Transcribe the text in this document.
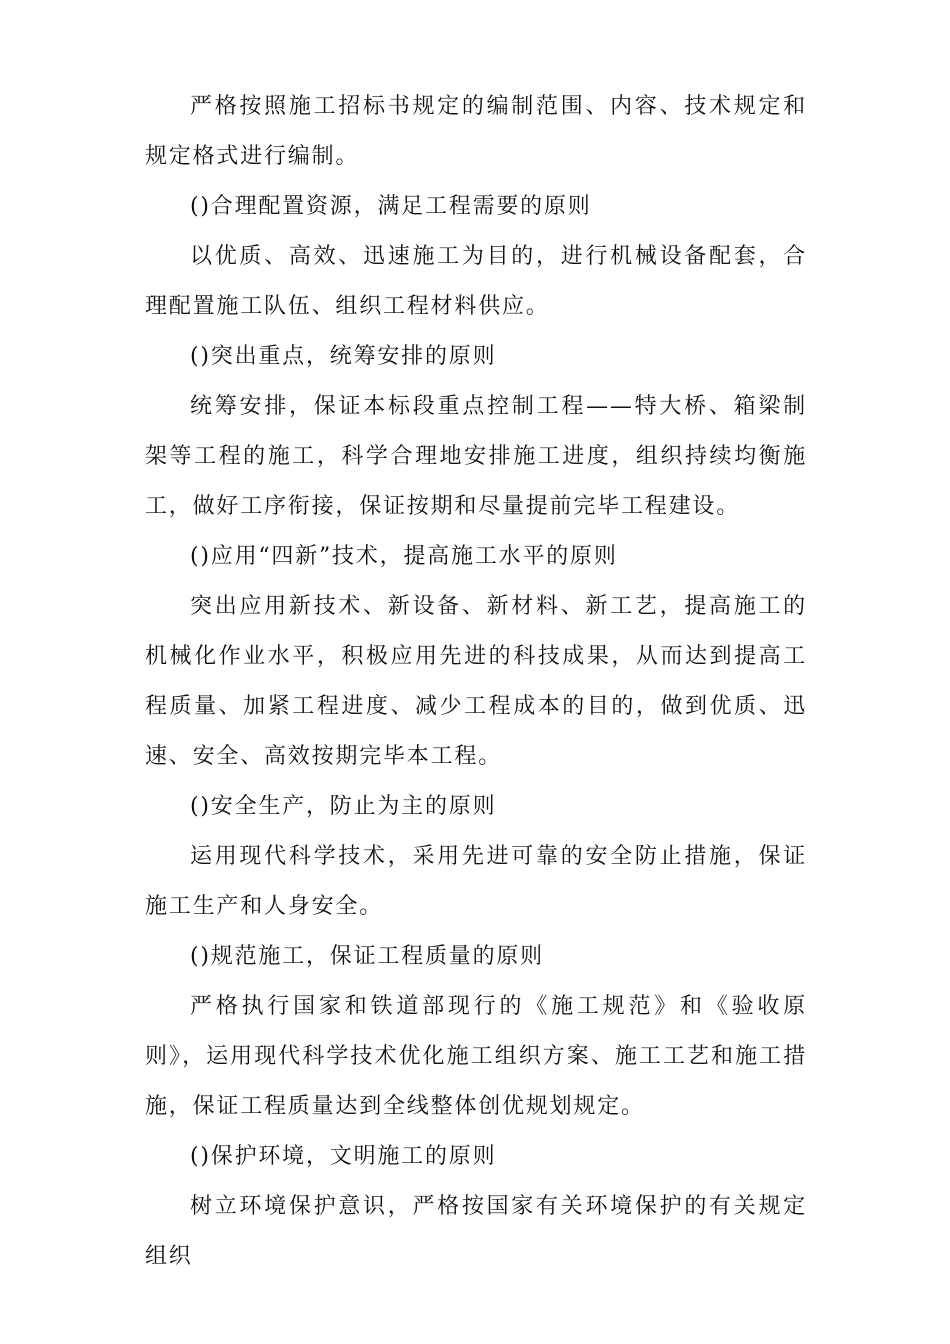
严格按照施工招标书规定的编制范围、内容、技术规定和规定格式进行编制。

()合理配置资源，满足工程需要的原则

以优质、高效、迅速施工为目的，进行机械设备配套，合理配置施工队伍、组织工程材料供应。

()突出重点，统筹安排的原则

统筹安排，保证本标段重点控制工程——特大桥、箱梁制架等工程的施工，科学合理地安排施工进度，组织持续均衡施工，做好工序衔接，保证按期和尽量提前完毕工程建设。

()应用“四新”技术，提高施工水平的原则

突出应用新技术、新设备、新材料、新工艺，提高施工的机械化作业水平，积极应用先进的科技成果，从而达到提高工程质量、加紧工程进度、减少工程成本的目的，做到优质、迅速、安全、高效按期完毕本工程。

()安全生产，防止为主的原则

运用现代科学技术，采用先进可靠的安全防止措施，保证施工生产和人身安全。

()规范施工，保证工程质量的原则

严格执行国家和铁道部现行的《施工规范》和《验收原则》，运用现代科学技术优化施工组织方案、施工工艺和施工措施，保证工程质量达到全线整体创优规划规定。

()保护环境，文明施工的原则

树立环境保护意识，严格按国家有关环境保护的有关规定组织
